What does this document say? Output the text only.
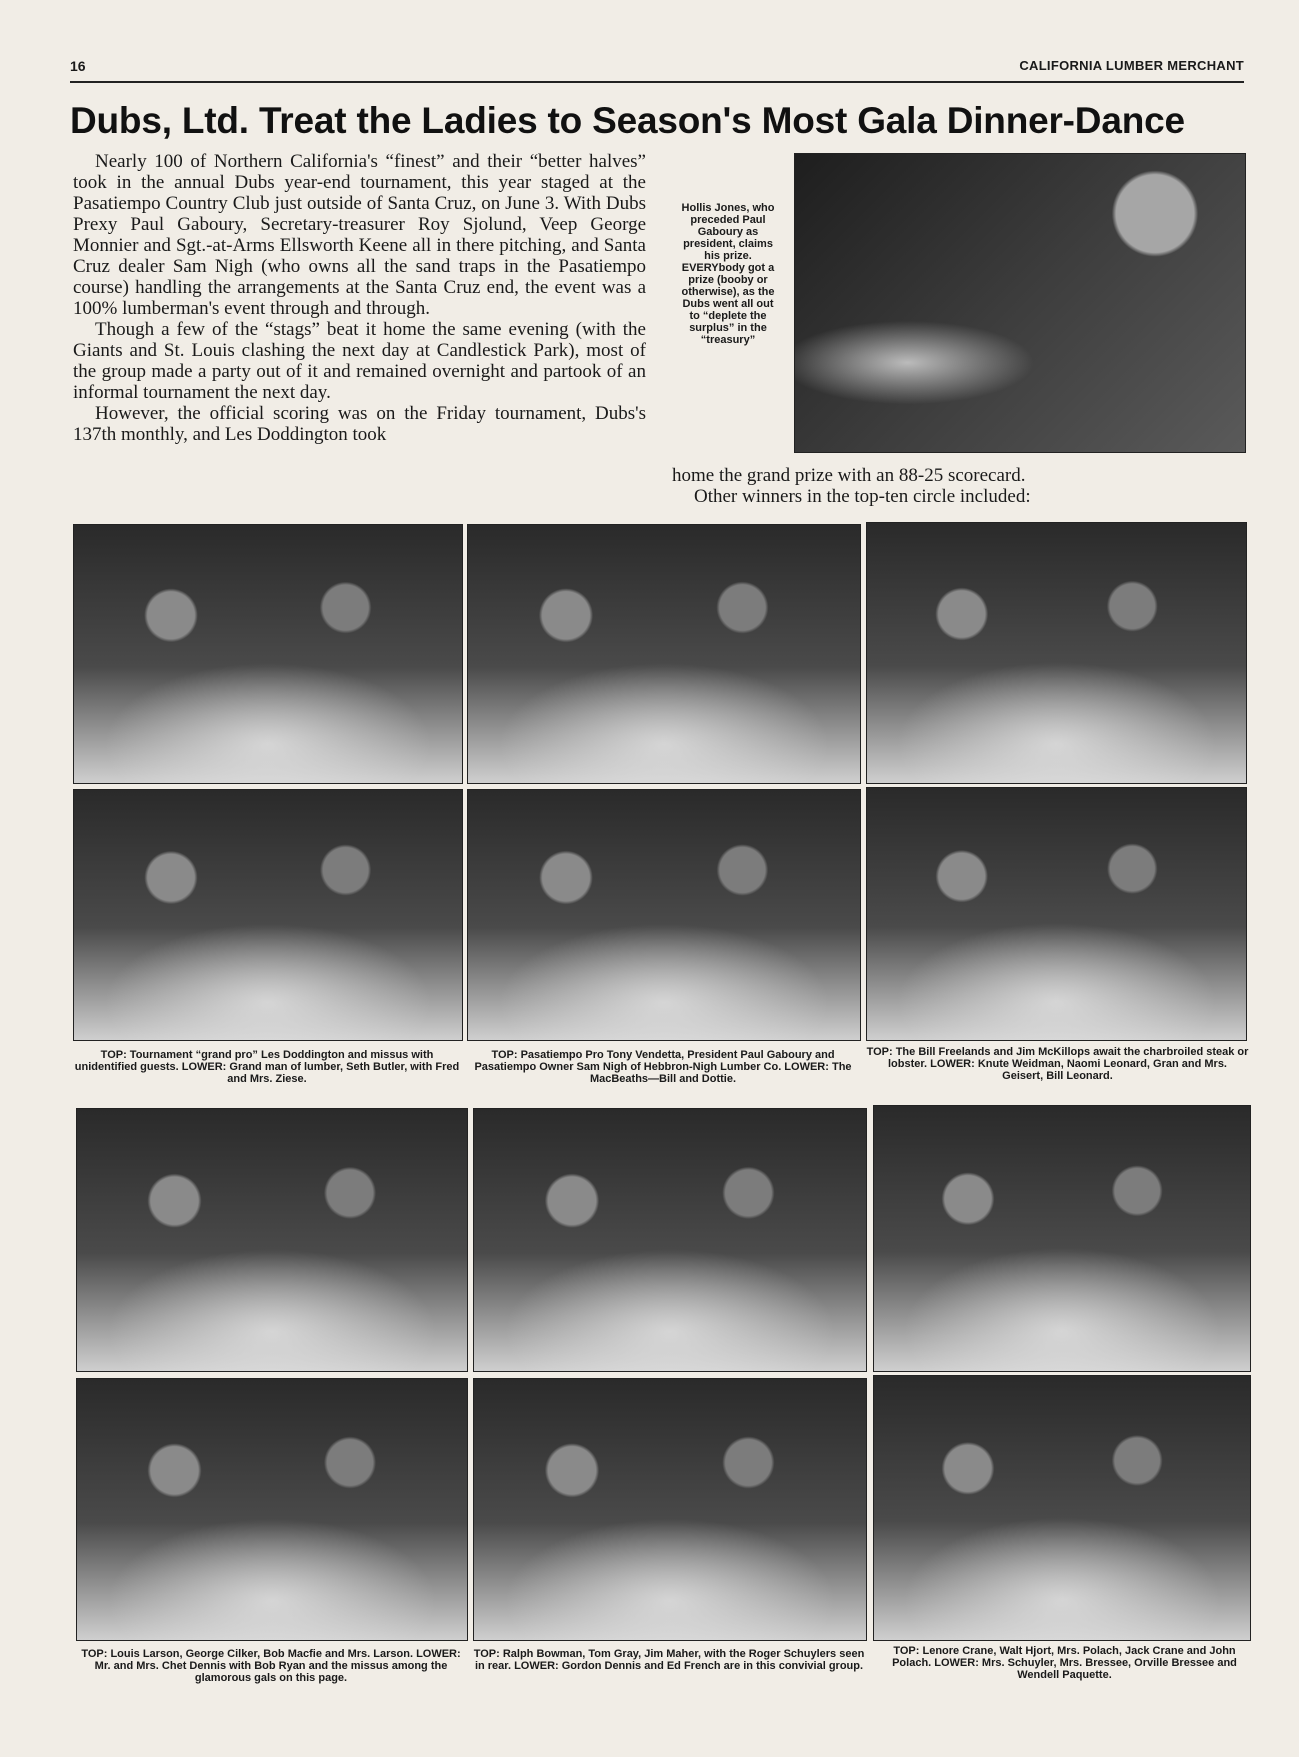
16	CALIFORNIA LUMBER MERCHANT
Dubs, Ltd. Treat the Ladies to Season's Most Gala Dinner-Dance

Nearly 100 of Northern California's “finest” and their “better halves” took in the annual Dubs year-end tournament, this year staged at the Pasatiempo Country Club just outside of Santa Cruz, on June 3. With Dubs Prexy Paul Gaboury, Secretary-treasurer Roy Sjolund, Veep George Monnier and Sgt.-at-Arms Ellsworth Keene all in there pitching, and Santa Cruz dealer Sam Nigh (who owns all the sand traps in the Pasatiempo course) handling the arrangements at the Santa Cruz end, the event was a 100% lumberman's event through and through.

Though a few of the “stags” beat it home the same evening (with the Giants and St. Louis clashing the next day at Candlestick Park), most of the group made a party out of it and remained overnight and partook of an informal tournament the next day.

However, the official scoring was on the Friday tournament, Dubs's 137th monthly, and Les Doddington took

Hollis Jones, who preceded Paul Gaboury as president, claims his prize. EVERYbody got a prize (booby or otherwise), as the Dubs went all out to “deplete the surplus” in the “treasury”

home the grand prize with an 88-25 scorecard.

Other winners in the top-ten circle included:

TOP: Tournament “grand pro” Les Doddington and missus with unidentified guests. LOWER: Grand man of lumber, Seth Butler, with Fred and Mrs. Ziese.
TOP: Pasatiempo Pro Tony Vendetta, President Paul Gaboury and Pasatiempo Owner Sam Nigh of Hebbron-Nigh Lumber Co. LOWER: The MacBeaths—Bill and Dottie.
TOP: The Bill Freelands and Jim McKillops await the charbroiled steak or lobster. LOWER: Knute Weidman, Naomi Leonard, Gran and Mrs. Geisert, Bill Leonard.
TOP: Louis Larson, George Cilker, Bob Macfie and Mrs. Larson. LOWER: Mr. and Mrs. Chet Dennis with Bob Ryan and the missus among the glamorous gals on this page.
TOP: Ralph Bowman, Tom Gray, Jim Maher, with the Roger Schuylers seen in rear. LOWER: Gordon Dennis and Ed French are in this convivial group.
TOP: Lenore Crane, Walt Hjort, Mrs. Polach, Jack Crane and John Polach. LOWER: Mrs. Schuyler, Mrs. Bressee, Orville Bressee and Wendell Paquette.
